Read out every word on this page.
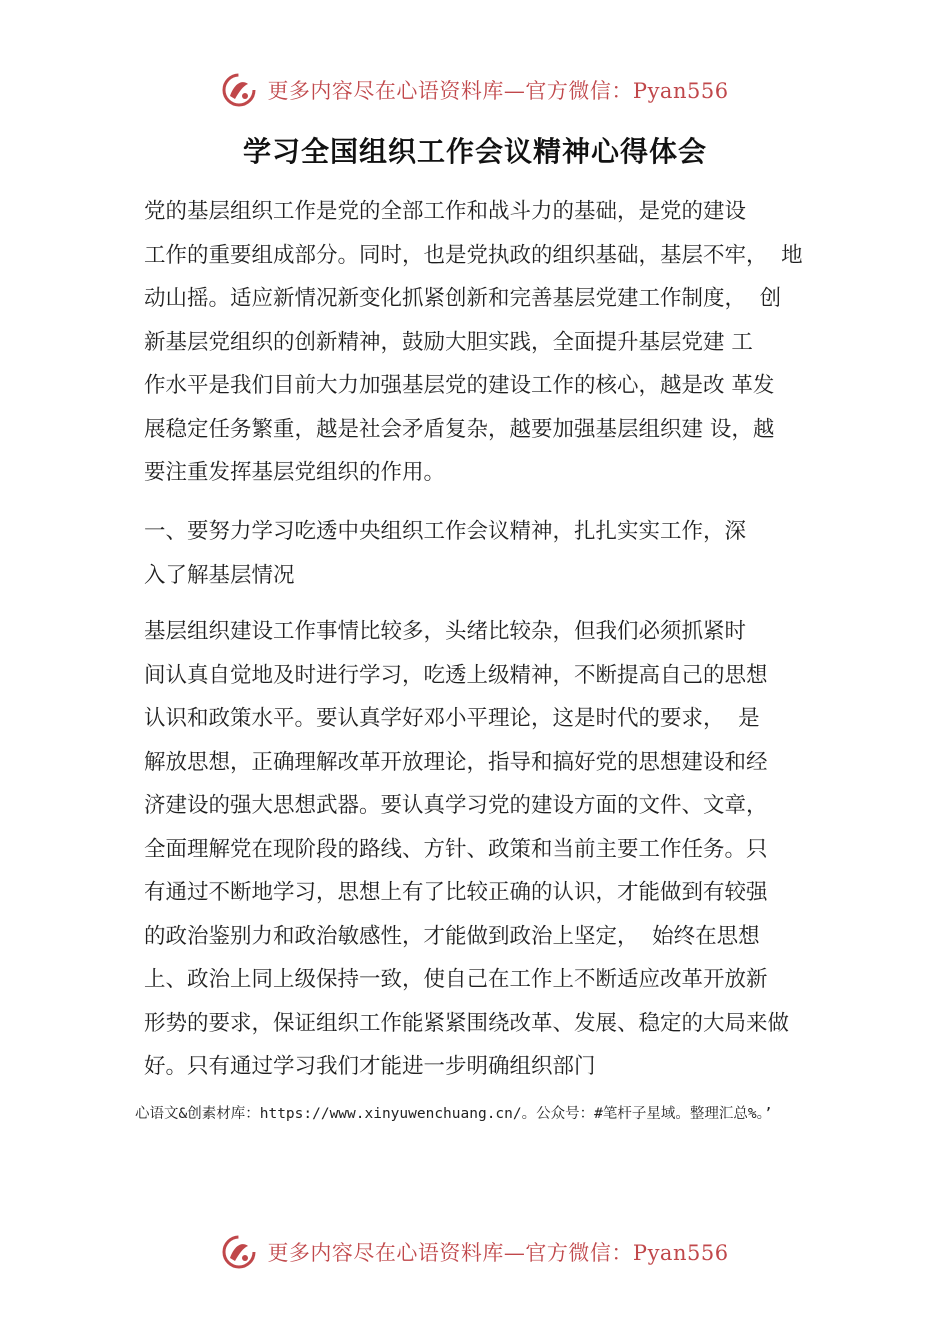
更多内容尽在心语资料库—官方微信：Pyan556
学习全国组织工作会议精神心得体会
党的基层组织工作是党的全部工作和战斗力的基础，是党的建设
工作的重要组成部分。同时，也是党执政的组织基础，基层不牢，  地
动山摇。适应新情况新变化抓紧创新和完善基层党建工作制度，  创
新基层党组织的创新精神，鼓励大胆实践，全面提升基层党建 工
作水平是我们目前大力加强基层党的建设工作的核心，越是改 革发
展稳定任务繁重，越是社会矛盾复杂，越要加强基层组织建 设，越
要注重发挥基层党组织的作用。
一、要努力学习吃透中央组织工作会议精神，扎扎实实工作，深
入了解基层情况
基层组织建设工作事情比较多，头绪比较杂，但我们必须抓紧时
间认真自觉地及时进行学习，吃透上级精神，不断提高自己的思想
认识和政策水平。要认真学好邓小平理论，这是时代的要求，  是
解放思想，正确理解改革开放理论，指导和搞好党的思想建设和经
济建设的强大思想武器。要认真学习党的建设方面的文件、文章，
全面理解党在现阶段的路线、方针、政策和当前主要工作任务。只
有通过不断地学习，思想上有了比较正确的认识，才能做到有较强
的政治鉴别力和政治敏感性，才能做到政治上坚定，  始终在思想
上、政治上同上级保持一致，使自己在工作上不断适应改革开放新
形势的要求，保证组织工作能紧紧围绕改革、发展、稳定的大局来做
好。只有通过学习我们才能进一步明确组织部门
心语文&创素材库：https://www.xinyuwenchuang.cn/。公众号：#笔杆子星域。整理汇总%。’
更多内容尽在心语资料库—官方微信：Pyan556
